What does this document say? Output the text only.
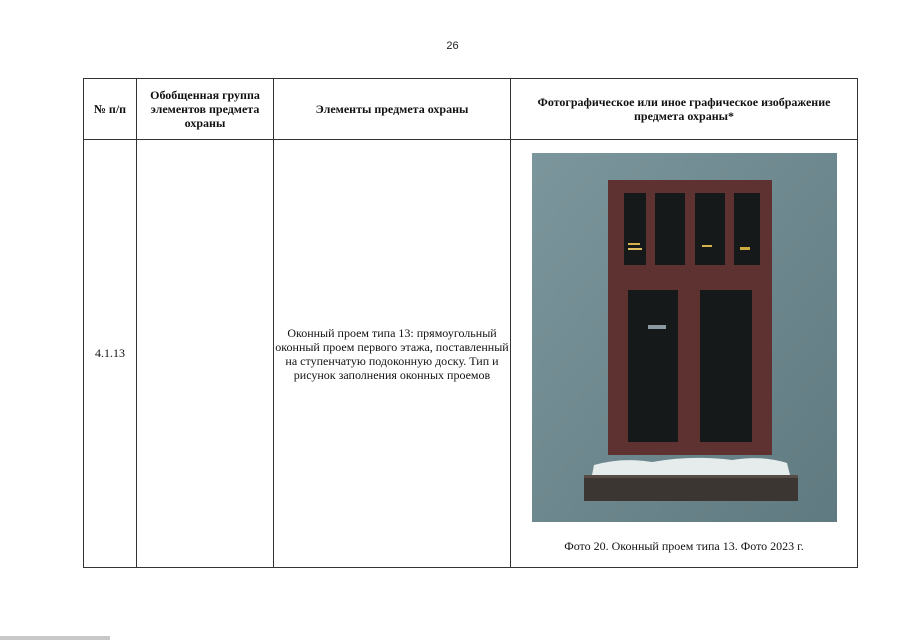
26
№ п/п	Обобщенная группа элементов предмета охраны	Элементы предмета охраны	Фотографическое или иное графическое изображение предмета охраны*
4.1.13		Оконный проем типа 13: прямоугольный оконный проем первого этажа, поставленный на ступенчатую подоконную доску. Тип и рисунок заполнения оконных проемов	Фото 20. Оконный проем типа 13. Фото 2023 г.
